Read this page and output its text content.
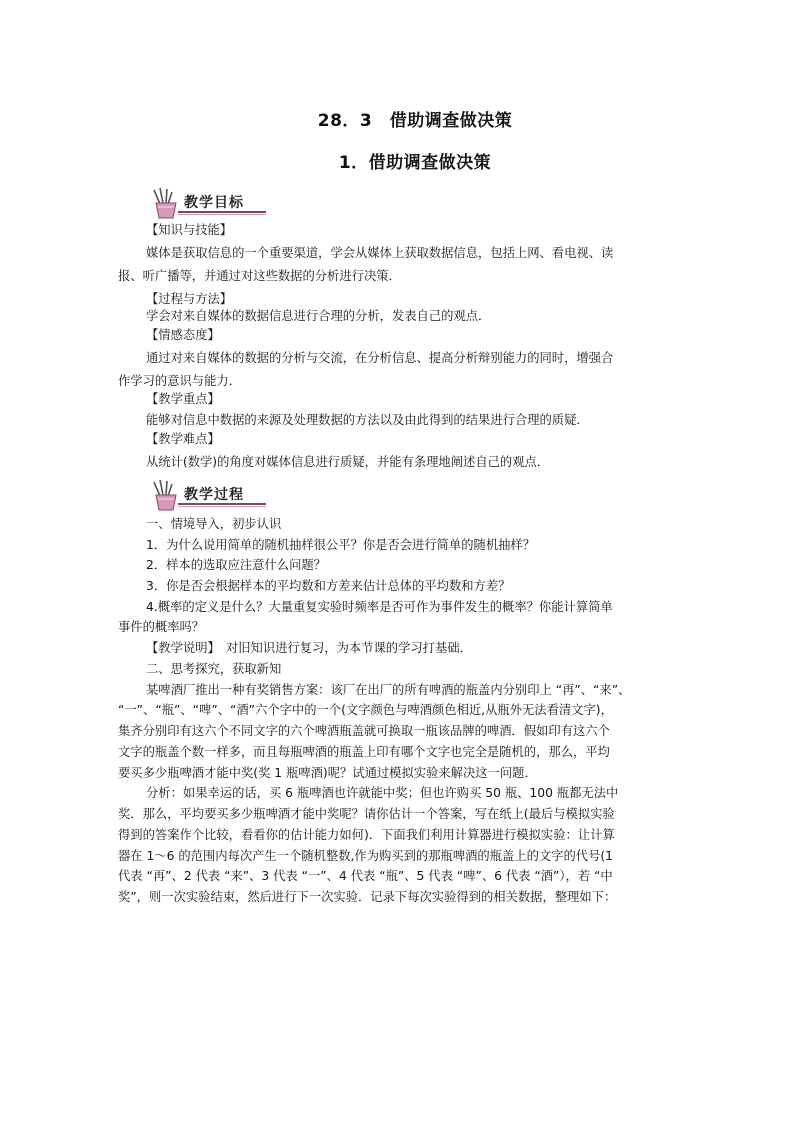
28．3　借助调查做决策
1．借助调查做决策
教学目标
【知识与技能】
媒体是获取信息的一个重要渠道，学会从媒体上获取数据信息，包括上网、看电视、读
报、听广播等，并通过对这些数据的分析进行决策．
【过程与方法】
学会对来自媒体的数据信息进行合理的分析，发表自己的观点．
【情感态度】
通过对来自媒体的数据的分析与交流，在分析信息、提高分析辩别能力的同时，增强合
作学习的意识与能力．
【教学重点】
能够对信息中数据的来源及处理数据的方法以及由此得到的结果进行合理的质疑．
【教学难点】
从统计(数学)的角度对媒体信息进行质疑，并能有条理地阐述自己的观点．
教学过程
一、情境导入，初步认识
1．为什么说用简单的随机抽样很公平？你是否会进行简单的随机抽样？
2．样本的选取应注意什么问题？
3．你是否会根据样本的平均数和方差来估计总体的平均数和方差？
4.概率的定义是什么？大量重复实验时频率是否可作为事件发生的概率？你能计算简单
事件的概率吗？
【教学说明】　对旧知识进行复习，为本节课的学习打基础．
二、思考探究，获取新知
某啤酒厂推出一种有奖销售方案：该厂在出厂的所有啤酒的瓶盖内分别印上 “再”、“来”、
“一”、“瓶”、“啤”、“酒”六个字中的一个(文字颜色与啤酒颜色相近,从瓶外无法看清文字)，
集齐分别印有这六个不同文字的六个啤酒瓶盖就可换取一瓶该品牌的啤酒．假如印有这六个
文字的瓶盖个数一样多，而且每瓶啤酒的瓶盖上印有哪个文字也完全是随机的，那么，平均
要买多少瓶啤酒才能中奖(奖 1 瓶啤酒)呢？试通过模拟实验来解决这一问题．
分析：如果幸运的话，买 6 瓶啤酒也许就能中奖；但也许购买 50 瓶、100 瓶都无法中
奖．那么，平均要买多少瓶啤酒才能中奖呢？请你估计一个答案，写在纸上(最后与模拟实验
得到的答案作个比较，看看你的估计能力如何)．下面我们利用计算器进行模拟实验：让计算
器在 1～6 的范围内每次产生一个随机整数,作为购买到的那瓶啤酒的瓶盖上的文字的代号(1
代表 “再”、2 代表 “来”、3 代表 “一”、4 代表 “瓶”、5 代表 “啤”、6 代表 “酒”），若 “中
奖”，则一次实验结束，然后进行下一次实验．记录下每次实验得到的相关数据，整理如下：
